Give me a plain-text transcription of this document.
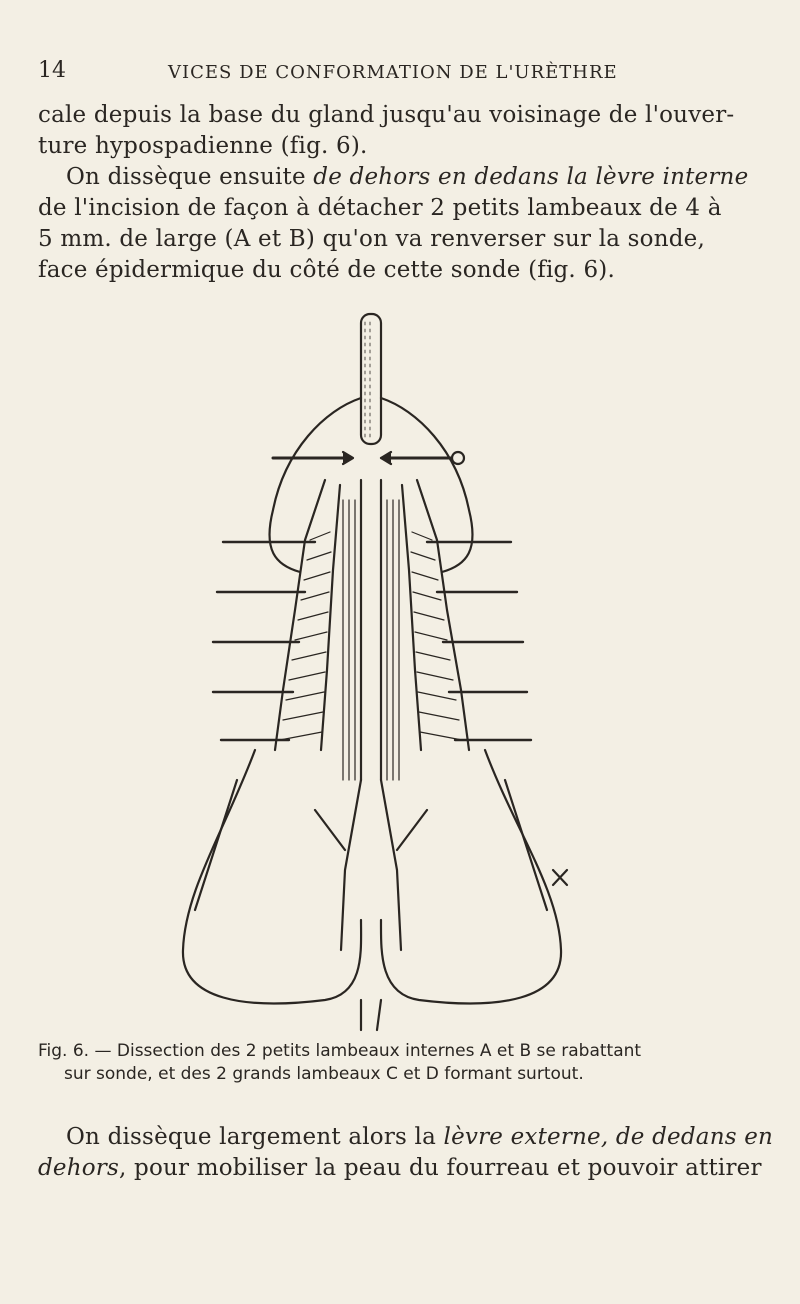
14	VICES DE CONFORMATION DE L'URÈTHRE
cale depuis la base du gland jusqu'au voisinage de l'ouver-
ture hypospadienne (fig. 6).
On dissèque ensuite de dehors en dedans la lèvre interne
de l'incision de façon à détacher 2 petits lambeaux de 4 à
5 mm. de large (A et B) qu'on va renverser sur la sonde,
face épidermique du côté de cette sonde (fig. 6).
Fig. 6. — Dissection des 2 petits lambeaux internes A et B se rabattant
sur sonde, et des 2 grands lambeaux C et D formant surtout.
On dissèque largement alors la lèvre externe, de dedans en
dehors, pour mobiliser la peau du fourreau et pouvoir attirer
